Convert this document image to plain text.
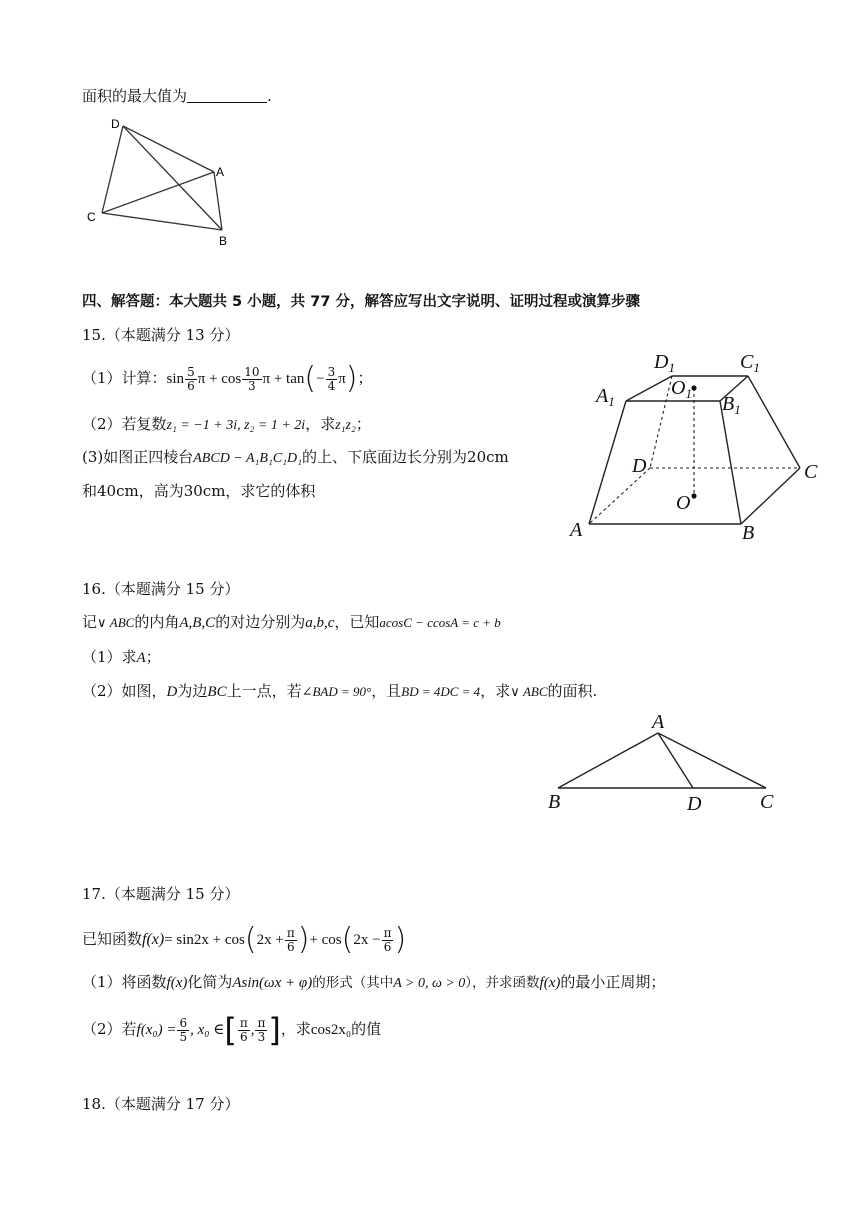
面积的最大值为	.
D
A
C
B
四、解答题：本大题共 5 小题，共 77 分，解答应写出文字说明、证明过程或演算步骤
15.（本题满分 13 分）
（1）计算：$\sin \frac{5}{6}$ $\pi + \cos \frac{10}{3}$ $\pi + \tan(- \frac{3}{4} \pi)$；
（2）若复数z₁ = −1 + 3i, z₂ = 1 + 2i，求z₁z₂；
(3)如图正四棱台ABCD − A₁B₁C₁D₁的上、下底面边长分别为20cm
和40cm，高为30cm，求它的体积
$D_1$	$C_1$
$A_1$
$O_1$ $B_1$
D	C
O
A	B
16.（本题满分 15 分）
记∨ ABC的内角A,B,C的对边分别为a,b,c，已知acosC − ccosA = c + b
（1）求A；
（2）如图，D为边BC上一点，若∠BAD = 90°，且BD = 4DC = 4，求∨ ABC的面积.
A
B	D	C
17.（本题满分 15 分）
已知函数$f(x)= \sin 2x + \cos(2x + \frac{\pi}{6}$ )+ $\cos(2x - \frac{\pi}{6}$ )
（1）将函数f(x)化简为Asin(ωx + φ)的形式（其中A > 0, ω > 0），并求函数f(x)的最小正周期；
（2）若$f(x_0) = \frac{6}{5}$ , x₀ ∈[ $\frac{\pi}{6}$ , $\frac{\pi}{3}$ ]，求cos2x₀的值
18.（本题满分 17 分）
